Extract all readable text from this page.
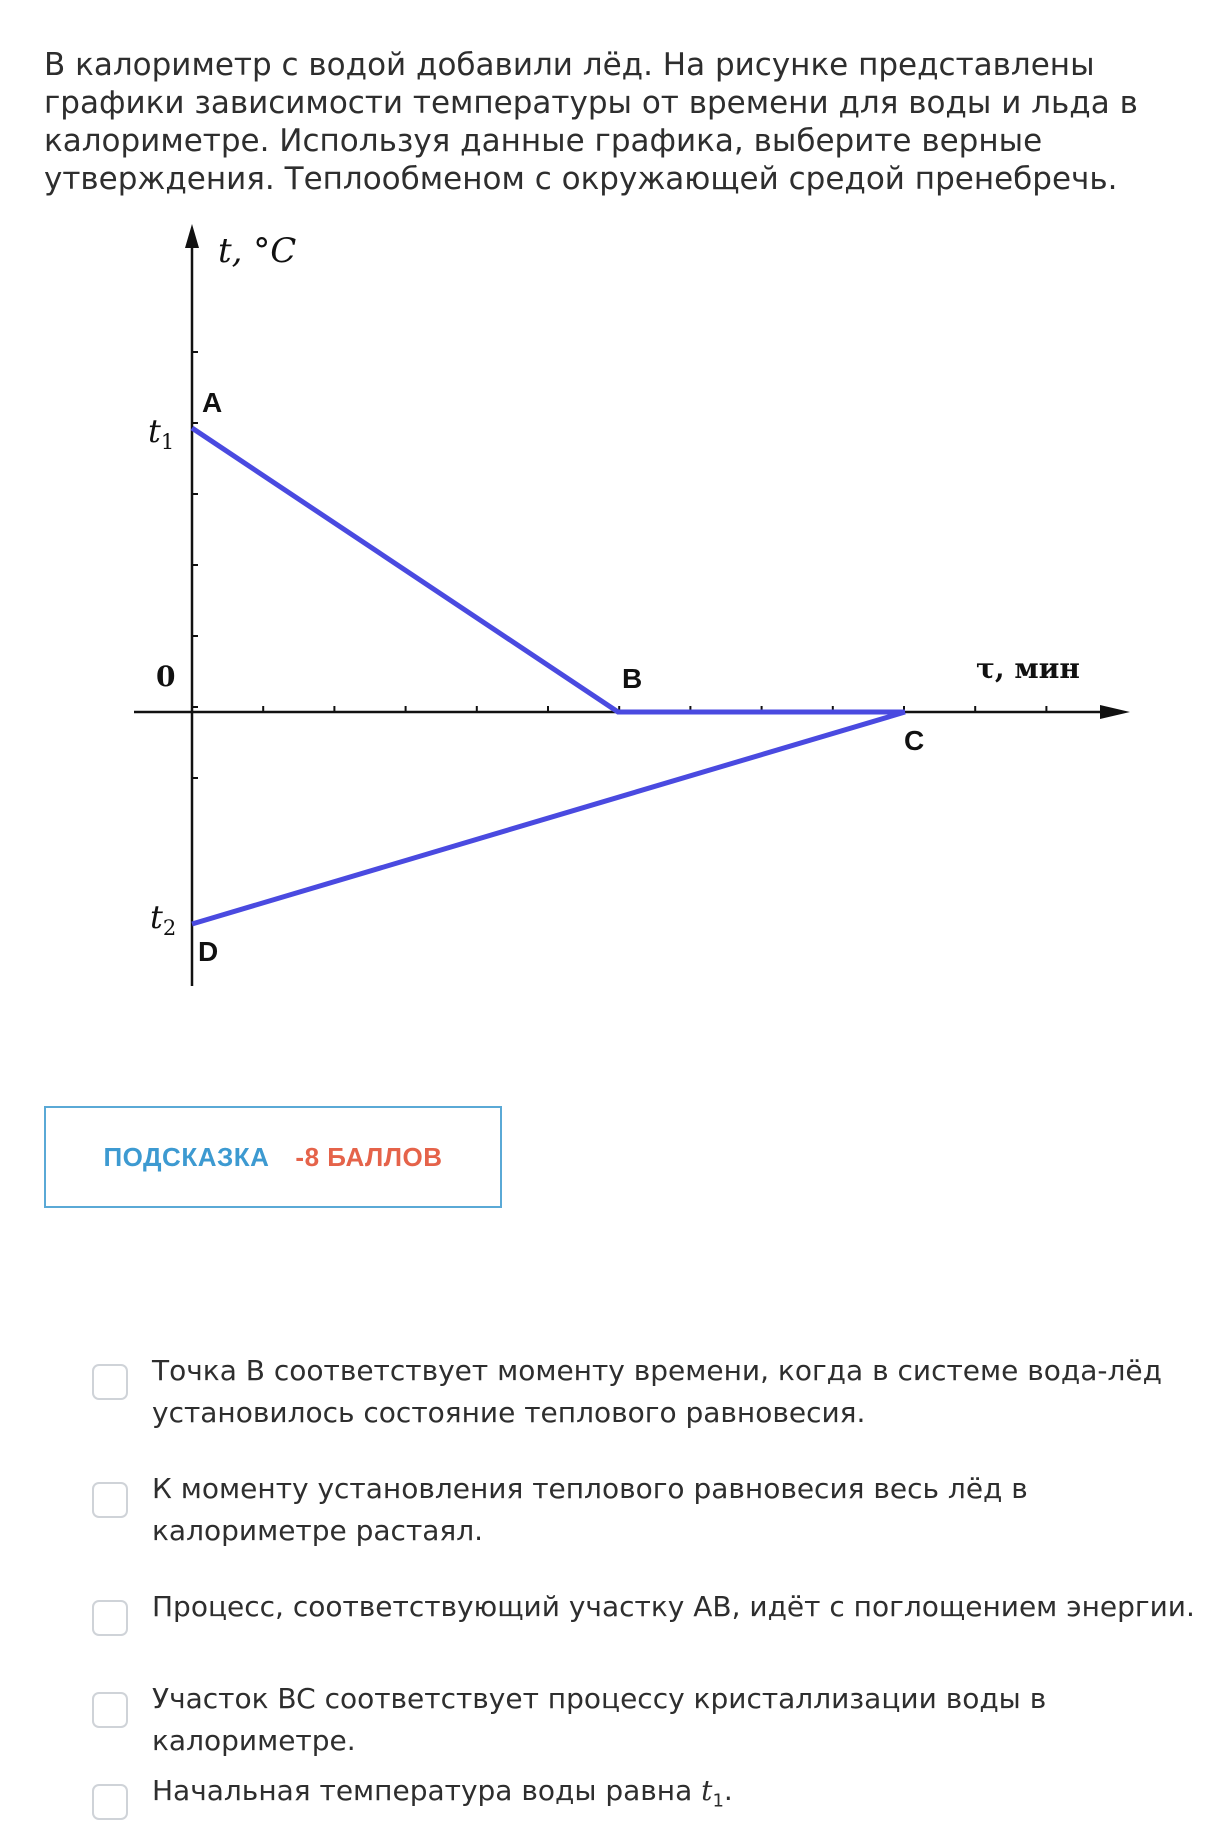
В калориметр с водой добавили лёд. На рисунке представлены графики зависимости температуры от времени для воды и льда в калориметре. Используя данные графика, выберите верные утверждения. Теплообменом с окружающей средой пренебречь.

t, °C
τ, мин
$t_1$
0
$t_2$
A
B
C
D
ПОДСКАЗКА -8 БАЛЛОВ
Точка B соответствует моменту времени, когда в системе вода-лёд установилось состояние теплового равновесия.
К моменту установления теплового равновесия весь лёд в калориметре растаял.
Процесс, соответствующий участку AB, идёт с поглощением энергии.
Участок BC соответствует процессу кристаллизации воды в калориметре.
Начальная температура воды равна $t_1$.
